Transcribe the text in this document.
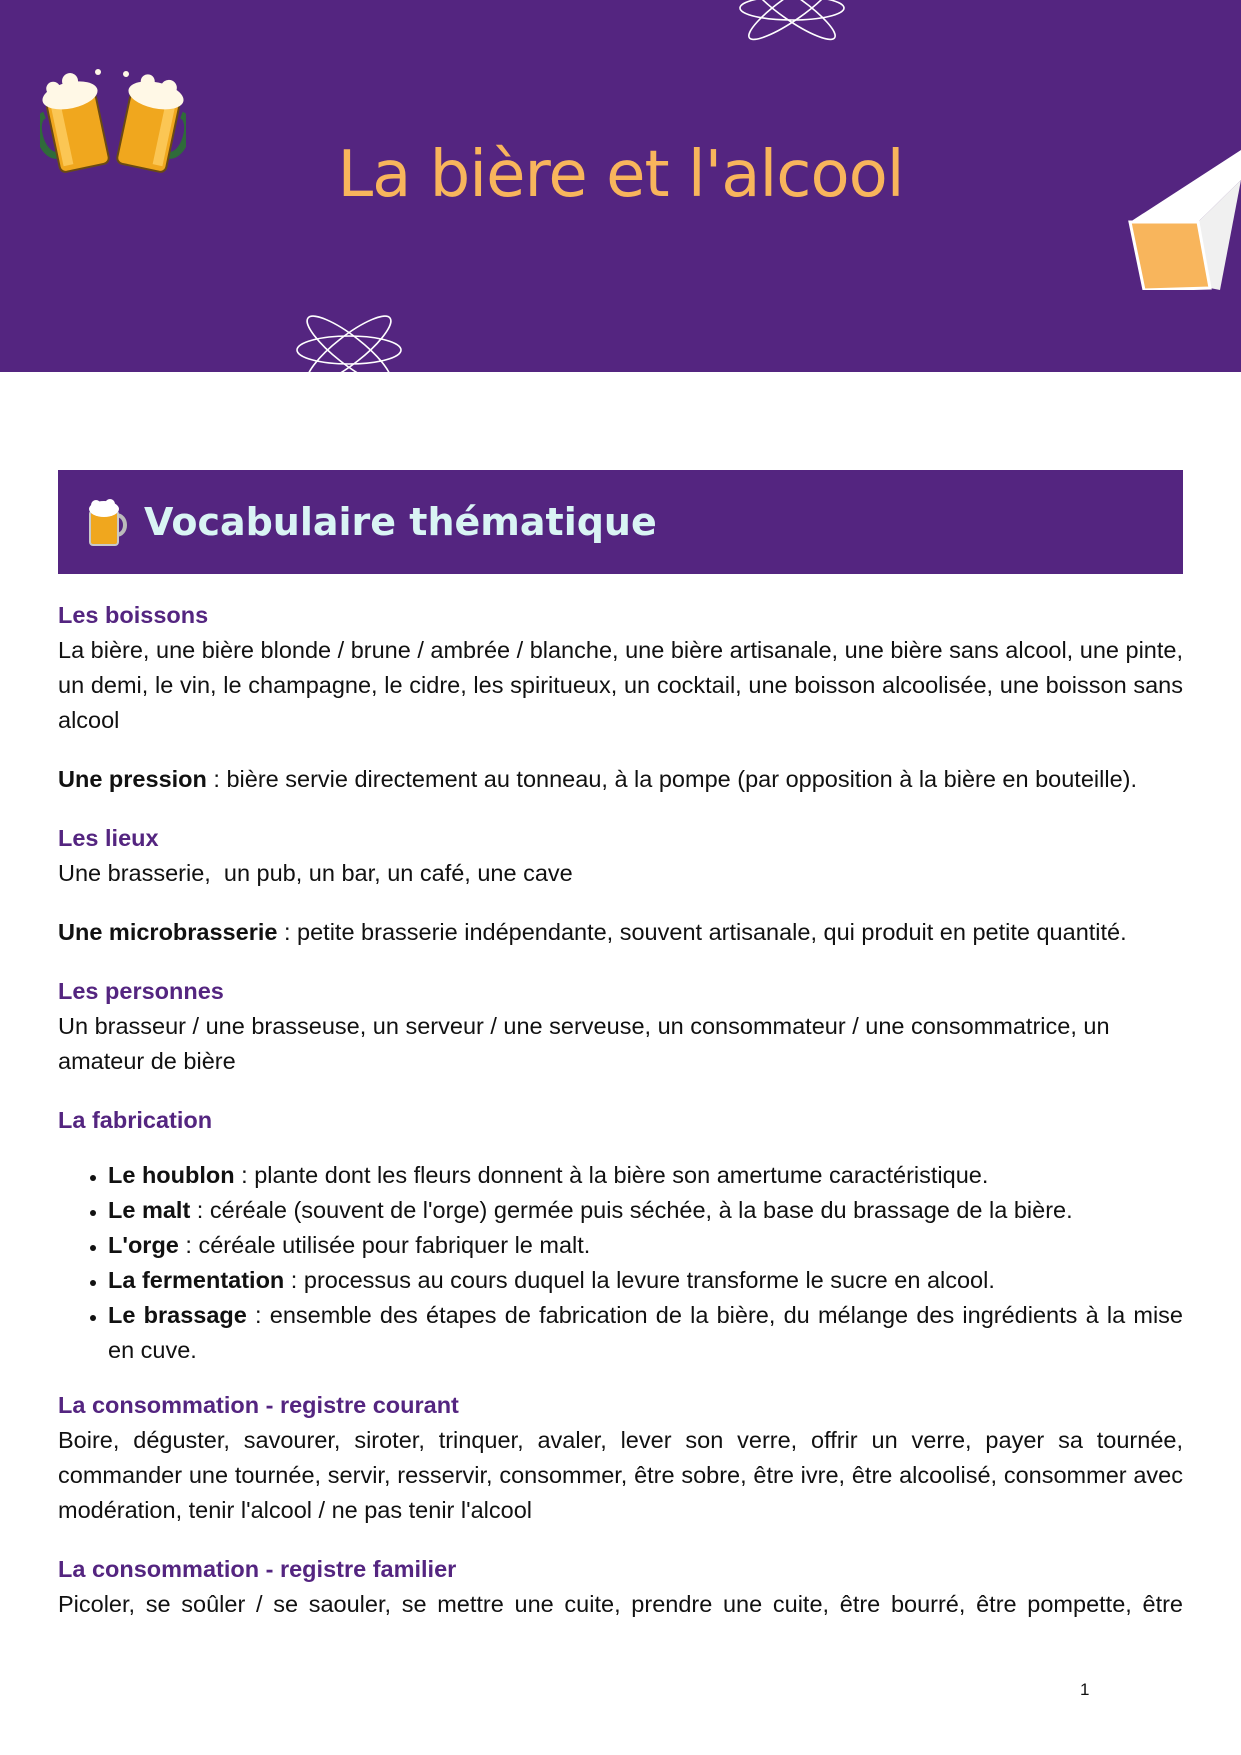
La bière et l'alcool
Vocabulaire thématique
Les boissons

La bière, une bière blonde / brune / ambrée / blanche, une bière artisanale, une bière sans alcool, une pinte, un demi, le vin, le champagne, le cidre, les spiritueux, un cocktail, une boisson alcoolisée, une boisson sans alcool

Une pression : bière servie directement au tonneau, à la pompe (par opposition à la bière en bouteille).

Les lieux

Une brasserie,  un pub, un bar, un café, une cave

Une microbrasserie : petite brasserie indépendante, souvent artisanale, qui produit en petite quantité.

Les personnes

Un brasseur / une brasseuse, un serveur / une serveuse, un consommateur / une consommatrice, un amateur de bière

La fabrication
• Le houblon : plante dont les fleurs donnent à la bière son amertume caractéristique.
• Le malt : céréale (souvent de l'orge) germée puis séchée, à la base du brassage de la bière.
• L'orge : céréale utilisée pour fabriquer le malt.
• La fermentation : processus au cours duquel la levure transforme le sucre en alcool.
• Le brassage : ensemble des étapes de fabrication de la bière, du mélange des ingrédients à la mise en cuve.
La consommation - registre courant

Boire, déguster, savourer, siroter, trinquer, avaler, lever son verre, offrir un verre, payer sa tournée, commander une tournée, servir, resservir, consommer, être sobre, être ivre, être alcoolisé, consommer avec modération, tenir l'alcool / ne pas tenir l'alcool

La consommation - registre familier

Picoler, se soûler / se saouler, se mettre une cuite, prendre une cuite, être bourré, être pompette, être

1
